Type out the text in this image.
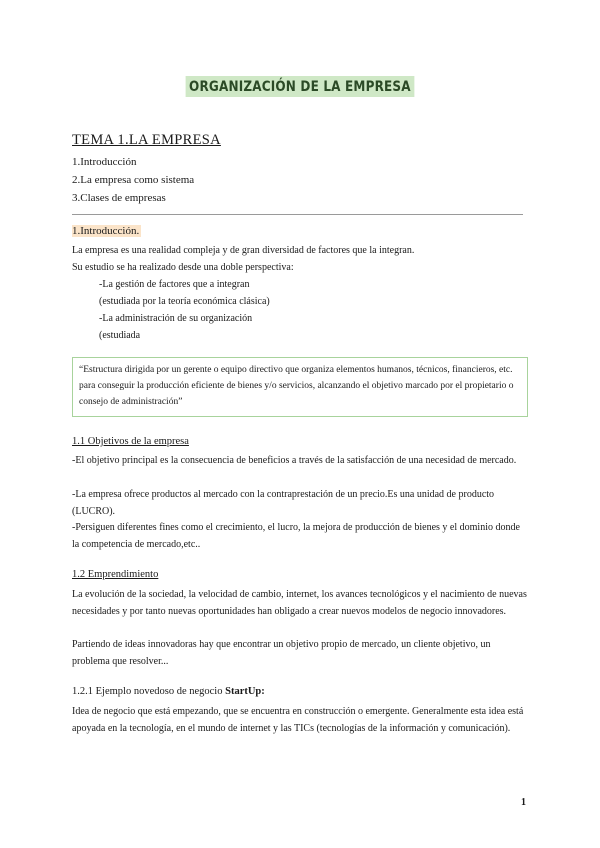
ORGANIZACIÓN DE LA EMPRESA
TEMA 1.LA EMPRESA
1.Introducción
2.La empresa como sistema
3.Clases de empresas
1.Introducción.
La empresa es una realidad compleja y de gran diversidad de factores que la integran.
Su estudio se ha realizado desde una doble perspectiva:
-La gestión de factores que a integran
(estudiada por la teoría económica clásica)
-La administración de su organización
(estudiada
“Estructura dirigida por un gerente o equipo directivo que organiza elementos humanos, técnicos, financieros, etc. para conseguir la producción eficiente de bienes y/o servicios, alcanzando el objetivo marcado por el propietario o consejo de administración”
1.1 Objetivos de la empresa
-El objetivo principal es la consecuencia de beneficios a través de la satisfacción de una necesidad de mercado.
-La empresa ofrece productos al mercado con la contraprestación de un precio.Es una unidad de producto (LUCRO).
-Persiguen diferentes fines como el crecimiento, el lucro, la mejora de producción de bienes y el dominio donde la competencia de mercado,etc..
1.2 Emprendimiento
La evolución de la sociedad, la velocidad de cambio, internet, los avances tecnológicos y el nacimiento de nuevas necesidades y por tanto nuevas oportunidades han obligado a crear nuevos modelos de negocio innovadores.
Partiendo de ideas innovadoras hay que encontrar un objetivo propio de mercado, un cliente objetivo, un problema que resolver...
1.2.1 Ejemplo novedoso de negocio StartUp:
Idea de negocio que está empezando, que se encuentra en construcción o emergente. Generalmente esta idea está apoyada en la tecnología, en el mundo de internet y las TICs (tecnologías de la información y comunicación).
1
